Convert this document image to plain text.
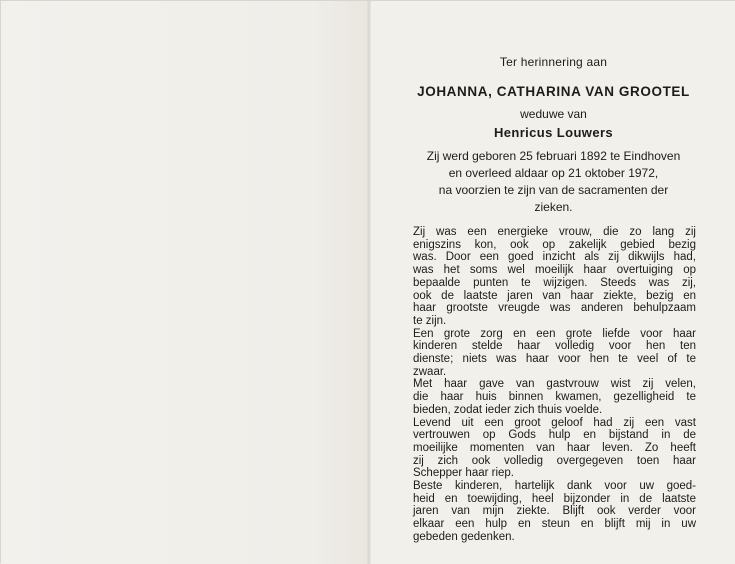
Ter herinnering aan
JOHANNA, CATHARINA VAN GROOTEL
weduwe van
Henricus Louwers
Zij werd geboren 25 februari 1892 te Eindhoven
en overleed aldaar op 21 oktober 1972,
na voorzien te zijn van de sacramenten der
zieken.
Zij was een energieke vrouw, die zo lang zij
enigszins kon, ook op zakelijk gebied bezig
was. Door een goed inzicht als zij dikwijls had,
was het soms wel moeilijk haar overtuiging op
bepaalde punten te wijzigen. Steeds was zij,
ook de laatste jaren van haar ziekte, bezig en
haar grootste vreugde was anderen behulpzaam
te zijn.
Een grote zorg en een grote liefde voor haar
kinderen stelde haar volledig voor hen ten
dienste; niets was haar voor hen te veel of te
zwaar.
Met haar gave van gastvrouw wist zij velen,
die haar huis binnen kwamen, gezelligheid te
bieden, zodat ieder zich thuis voelde.
Levend uit een groot geloof had zij een vast
vertrouwen op Gods hulp en bijstand in de
moeilijke momenten van haar leven. Zo heeft
zij zich ook volledig overgegeven toen haar
Schepper haar riep.
Beste kinderen, hartelijk dank voor uw goed-
heid en toewijding, heel bijzonder in de laatste
jaren van mijn ziekte. Blijft ook verder voor
elkaar een hulp en steun en blijft mij in uw
gebeden gedenken.
